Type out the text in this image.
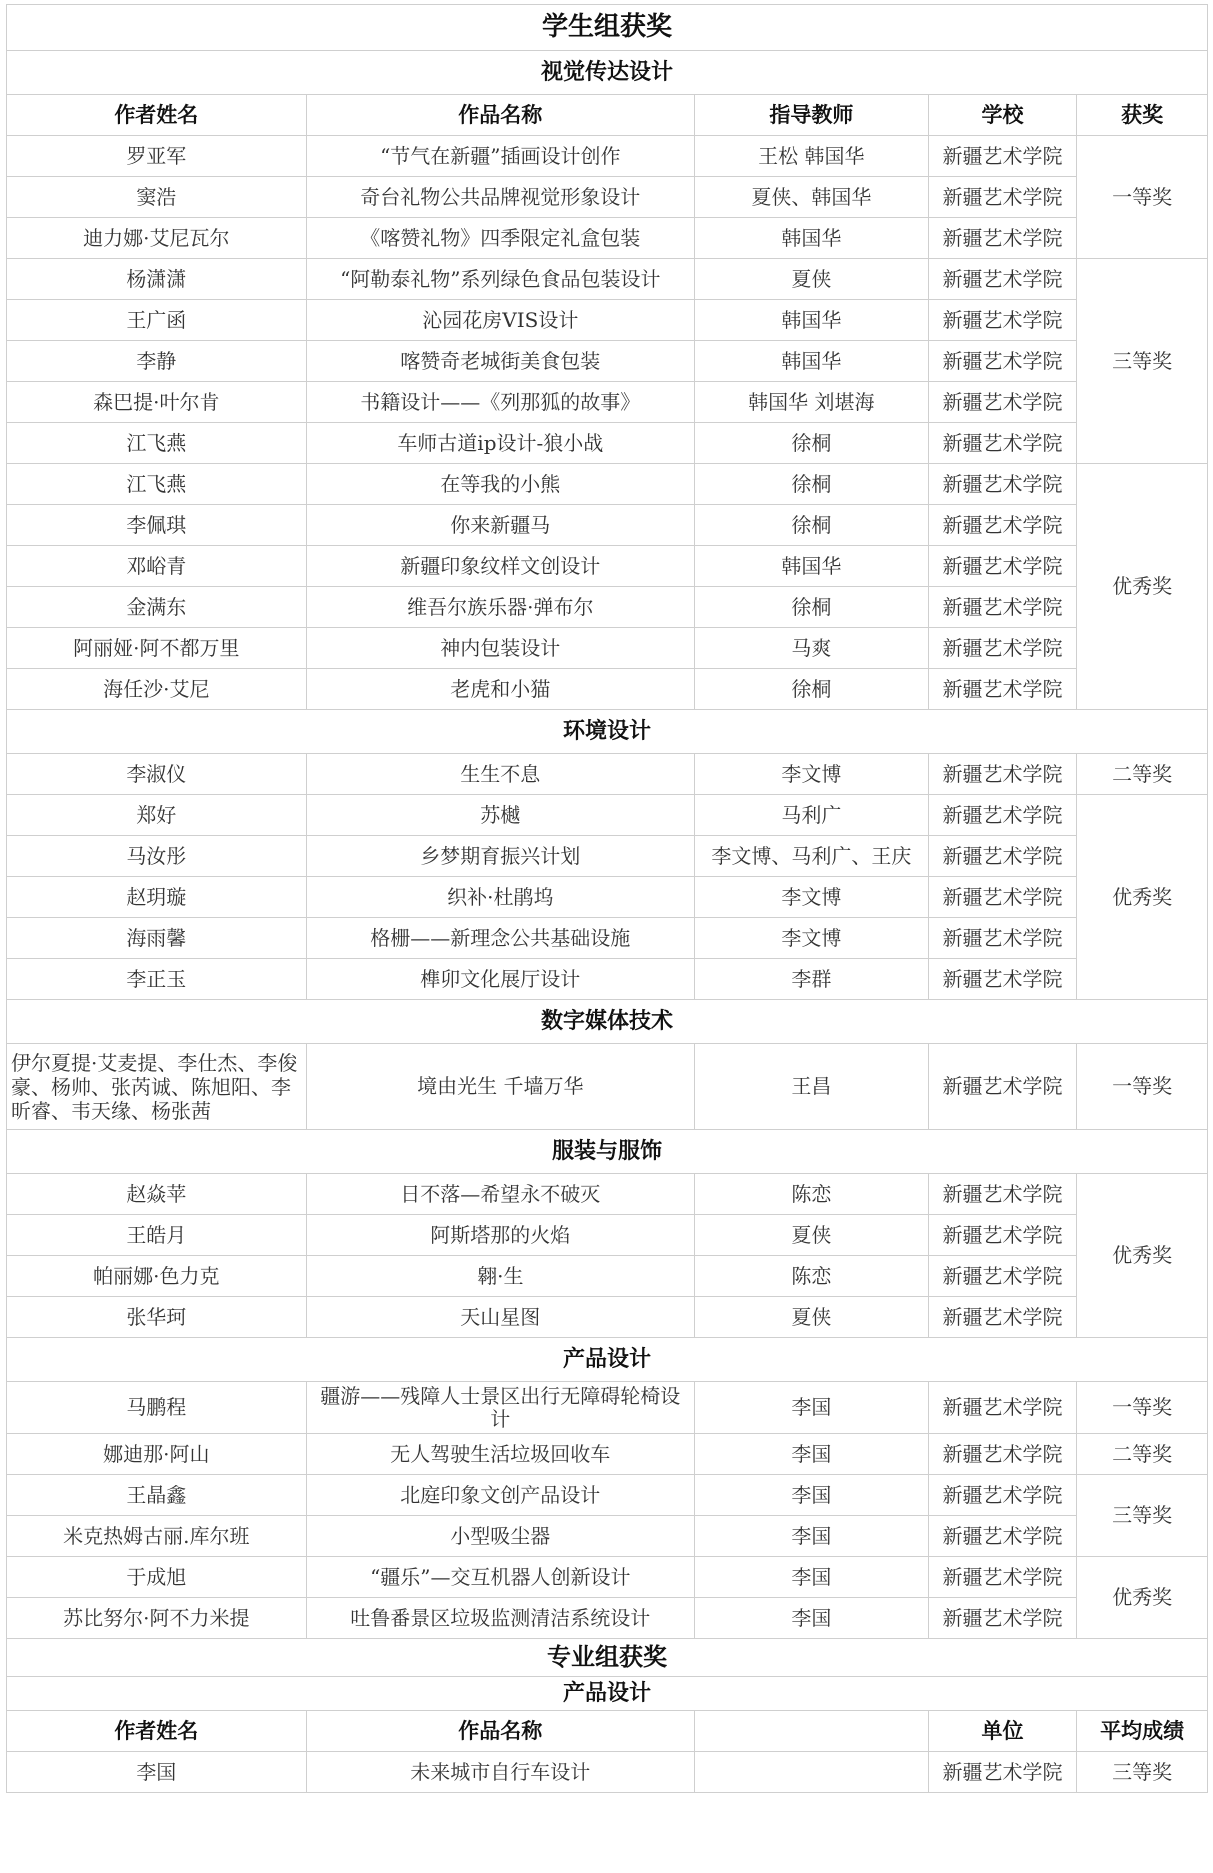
学生组获奖				
视觉传达设计				
作者姓名	作品名称	指导教师	学校	获奖
罗亚军	“节气在新疆”插画设计创作	王松 韩国华	新疆艺术学院	一等奖
窦浩	奇台礼物公共品牌视觉形象设计	夏侠、韩国华	新疆艺术学院	
迪力娜·艾尼瓦尔	《喀赞礼物》四季限定礼盒包装	韩国华	新疆艺术学院	
杨潇潇	“阿勒泰礼物”系列绿色食品包装设计	夏侠	新疆艺术学院	三等奖
王广函	沁园花房VIS设计	韩国华	新疆艺术学院	
李静	喀赞奇老城街美食包装	韩国华	新疆艺术学院	
森巴提·叶尔肯	书籍设计——《列那狐的故事》	韩国华 刘堪海	新疆艺术学院	
江飞燕	车师古道ip设计-狼小战	徐桐	新疆艺术学院	
江飞燕	在等我的小熊	徐桐	新疆艺术学院	优秀奖
李佩琪	你来新疆马	徐桐	新疆艺术学院	
邓峪青	新疆印象纹样文创设计	韩国华	新疆艺术学院	
金满东	维吾尔族乐器·弹布尔	徐桐	新疆艺术学院	
阿丽娅·阿不都万里	神内包装设计	马爽	新疆艺术学院	
海任沙·艾尼	老虎和小猫	徐桐	新疆艺术学院	
环境设计				
李淑仪	生生不息	李文博	新疆艺术学院	二等奖
郑好	苏樾	马利广	新疆艺术学院	优秀奖
马汝彤	乡梦期育振兴计划	李文博、马利广、王庆	新疆艺术学院	
赵玥璇	织补·杜鹃坞	李文博	新疆艺术学院	
海雨馨	格栅——新理念公共基础设施	李文博	新疆艺术学院	
李正玉	榫卯文化展厅设计	李群	新疆艺术学院	
数字媒体技术				
伊尔夏提·艾麦提、李仕杰、李俊豪、杨帅、张芮诚、陈旭阳、李昕睿、韦天缘、杨张茜	境由光生 千墙万华	王昌	新疆艺术学院	一等奖
服装与服饰				
赵焱苹	日不落—希望永不破灭	陈恋	新疆艺术学院	优秀奖
王皓月	阿斯塔那的火焰	夏侠	新疆艺术学院	
帕丽娜·色力克	翱·生	陈恋	新疆艺术学院	
张华珂	天山星图	夏侠	新疆艺术学院	
产品设计				
马鹏程	疆游——残障人士景区出行无障碍轮椅设计	李国	新疆艺术学院	一等奖
娜迪那·阿山	无人驾驶生活垃圾回收车	李国	新疆艺术学院	二等奖
王晶鑫	北庭印象文创产品设计	李国	新疆艺术学院	三等奖
米克热姆古丽.库尔班	小型吸尘器	李国	新疆艺术学院	
于成旭	“疆乐”—交互机器人创新设计	李国	新疆艺术学院	优秀奖
苏比努尔·阿不力米提	吐鲁番景区垃圾监测清洁系统设计	李国	新疆艺术学院	
专业组获奖				
产品设计				
作者姓名	作品名称		单位	平均成绩
李国	未来城市自行车设计		新疆艺术学院	三等奖
